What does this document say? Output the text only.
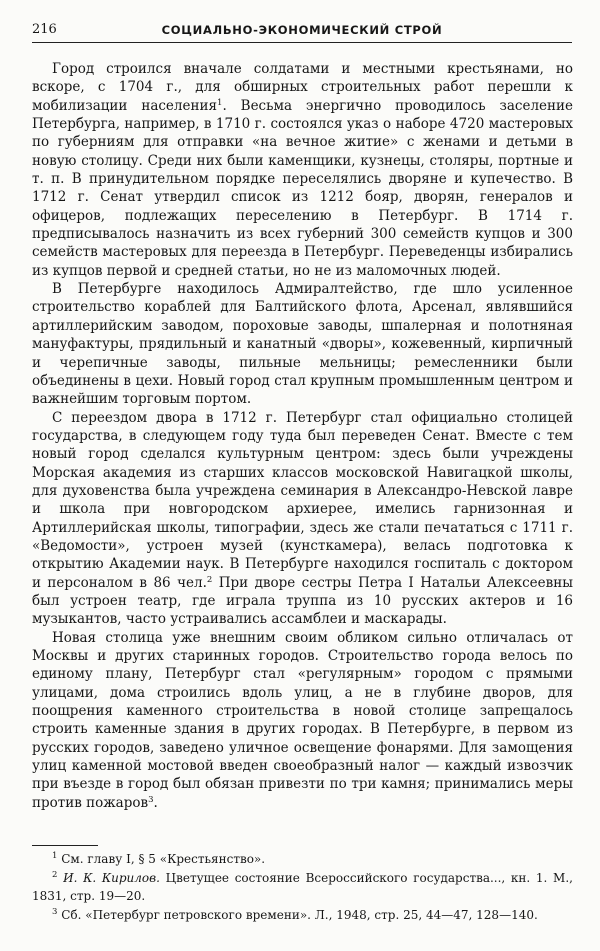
216	СОЦИАЛЬНО-ЭКОНОМИЧЕСКИЙ СТРОЙ

Город строился вначале солдатами и местными крестьянами, но вскоре, с 1704 г., для обширных строительных работ перешли к мобилизации населения$^1$. Весьма энергично проводилось заселение Петербурга, например, в 1710 г. состоялся указ о наборе 4720 мастеровых по губерниям для отправки «на вечное житие» с женами и детьми в новую столицу. Среди них были каменщики, кузнецы, столяры, портные и т. п. В принудительном порядке переселялись дворяне и купечество. В 1712 г. Сенат утвердил список из 1212 бояр, дворян, генералов и офицеров, подлежащих переселению в Петербург. В 1714 г. предписывалось назначить из всех губерний 300 семейств купцов и 300 семейств мастеровых для переезда в Петербург. Переведенцы избирались из купцов первой и средней статьи, но не из маломочных людей.

В Петербурге находилось Адмиралтейство, где шло усиленное строительство кораблей для Балтийского флота, Арсенал, являвшийся артиллерийским заводом, пороховые заводы, шпалерная и полотняная мануфактуры, прядильный и канатный «дворы», кожевенный, кирпичный и черепичные заводы, пильные мельницы; ремесленники были объединены в цехи. Новый город стал крупным промышленным центром и важнейшим торговым портом.

С переездом двора в 1712 г. Петербург стал официально столицей государства, в следующем году туда был переведен Сенат. Вместе с тем новый город сделался культурным центром: здесь были учреждены Морская академия из старших классов московской Навигацкой школы, для духовенства была учреждена семинария в Александро-Невской лавре и школа при новгородском архиерее, имелись гарнизонная и Артиллерийская школы, типографии, здесь же стали печататься с 1711 г. «Ведомости», устроен музей (кунсткамера), велась подготовка к открытию Академии наук. В Петербурге находился госпиталь с доктором и персоналом в 86 чел.$^2$ При дворе сестры Петра I Натальи Алексеевны был устроен театр, где играла труппа из 10 русских актеров и 16 музыкантов, часто устраивались ассамблеи и маскарады.

Новая столица уже внешним своим обликом сильно отличалась от Москвы и других старинных городов. Строительство города велось по единому плану, Петербург стал «регулярным» городом с прямыми улицами, дома строились вдоль улиц, а не в глубине дворов, для поощрения каменного строительства в новой столице запрещалось строить каменные здания в других городах. В Петербурге, в первом из русских городов, заведено уличное освещение фонарями. Для замощения улиц каменной мостовой введен своеобразный налог — каждый извозчик при въезде в город был обязан привезти по три камня; принимались меры против пожаров$^3$.

$^1$ См. главу I, § 5 «Крестьянство».

$^2$ И. К. Кирилов. Цветущее состояние Всероссийского государства..., кн. 1. М., 1831, стр. 19—20.

$^3$ Сб. «Петербург петровского времени». Л., 1948, стр. 25, 44—47, 128—140.
